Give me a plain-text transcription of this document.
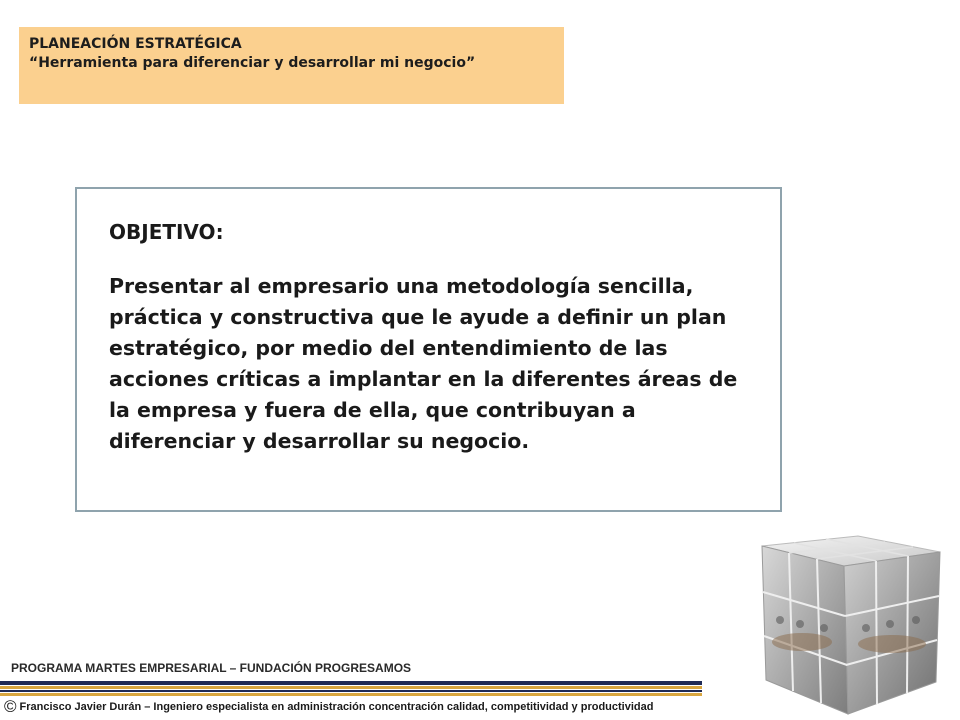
PLANEACIÓN ESTRATÉGICA
“Herramienta para diferenciar y desarrollar mi negocio”
OBJETIVO:
Presentar al empresario una metodología sencilla, práctica y constructiva que le ayude a definir un plan estratégico, por medio del entendimiento de las acciones críticas a implantar en la diferentes áreas de la empresa y fuera de ella, que contribuyan a diferenciar y desarrollar su negocio.
PROGRAMA MARTES EMPRESARIAL – FUNDACIÓN PROGRESAMOS
© Francisco Javier Durán – Ingeniero especialista en administración concentración calidad, competitividad y productividad
